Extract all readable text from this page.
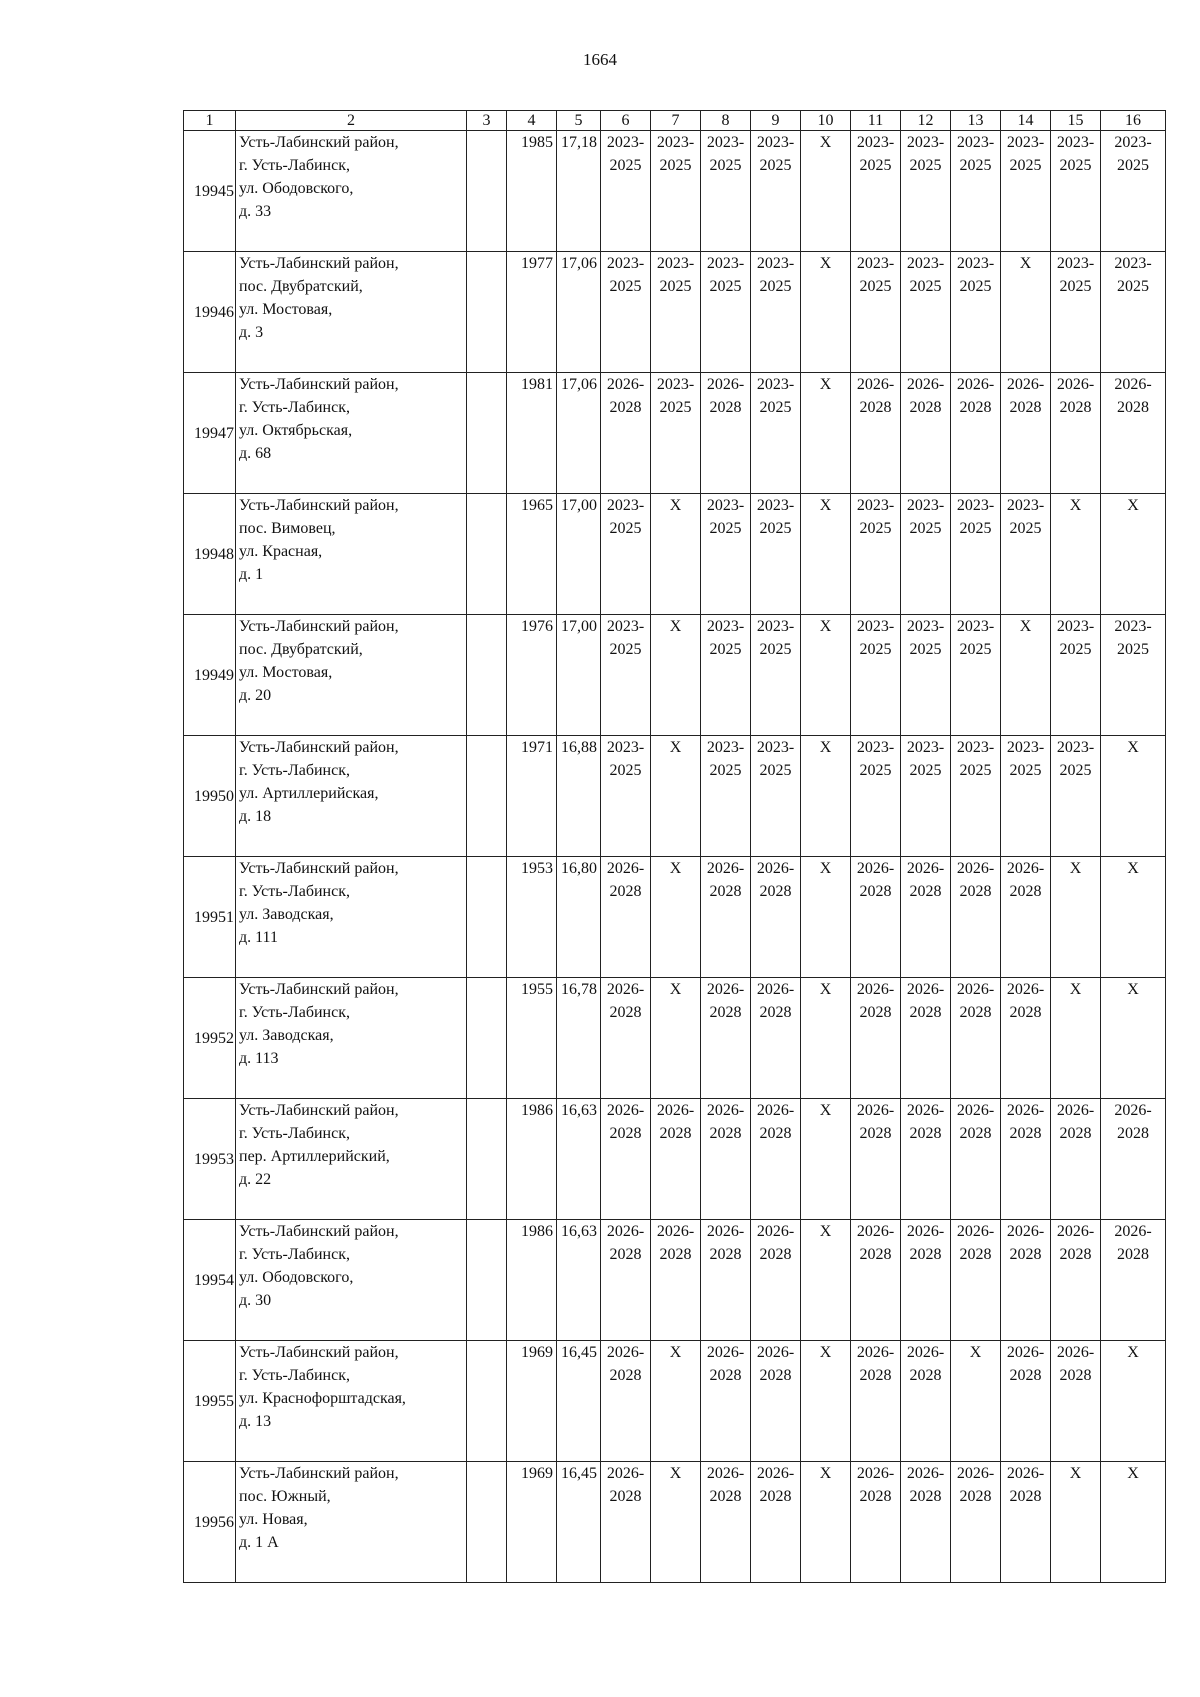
1664
1	2	3	4	5	6	7	8	9	10	11	12	13	14	15	16
19945	Усть-Лабинский район,
г. Усть-Лабинск,
ул. Ободовского,
д. 33		1985	17,18	2023-
2025	2023-
2025	2023-
2025	2023-
2025	X	2023-
2025	2023-
2025	2023-
2025	2023-
2025	2023-
2025	2023-
2025

19946	Усть-Лабинский район,
пос. Двубратский,
ул. Мостовая,
д. 3		1977	17,06	2023-
2025	2023-
2025	2023-
2025	2023-
2025	X	2023-
2025	2023-
2025	2023-
2025	X	2023-
2025	2023-
2025

19947	Усть-Лабинский район,
г. Усть-Лабинск,
ул. Октябрьская,
д. 68		1981	17,06	2026-
2028	2023-
2025	2026-
2028	2023-
2025	X	2026-
2028	2026-
2028	2026-
2028	2026-
2028	2026-
2028	2026-
2028

19948	Усть-Лабинский район,
пос. Вимовец,
ул. Красная,
д. 1		1965	17,00	2023-
2025	X	2023-
2025	2023-
2025	X	2023-
2025	2023-
2025	2023-
2025	2023-
2025	X	X
19949	Усть-Лабинский район,
пос. Двубратский,
ул. Мостовая,
д. 20		1976	17,00	2023-
2025	X	2023-
2025	2023-
2025	X	2023-
2025	2023-
2025	2023-
2025	X	2023-
2025	2023-
2025

19950	Усть-Лабинский район,
г. Усть-Лабинск,
ул. Артиллерийская,
д. 18		1971	16,88	2023-
2025	X	2023-
2025	2023-
2025	X	2023-
2025	2023-
2025	2023-
2025	2023-
2025	2023-
2025	X
19951	Усть-Лабинский район,
г. Усть-Лабинск,
ул. Заводская,
д. 111		1953	16,80	2026-
2028	X	2026-
2028	2026-
2028	X	2026-
2028	2026-
2028	2026-
2028	2026-
2028	X	X
19952	Усть-Лабинский район,
г. Усть-Лабинск,
ул. Заводская,
д. 113		1955	16,78	2026-
2028	X	2026-
2028	2026-
2028	X	2026-
2028	2026-
2028	2026-
2028	2026-
2028	X	X
19953	Усть-Лабинский район,
г. Усть-Лабинск,
пер. Артиллерийский,
д. 22		1986	16,63	2026-
2028	2026-
2028	2026-
2028	2026-
2028	X	2026-
2028	2026-
2028	2026-
2028	2026-
2028	2026-
2028	2026-
2028

19954	Усть-Лабинский район,
г. Усть-Лабинск,
ул. Ободовского,
д. 30		1986	16,63	2026-
2028	2026-
2028	2026-
2028	2026-
2028	X	2026-
2028	2026-
2028	2026-
2028	2026-
2028	2026-
2028	2026-
2028

19955	Усть-Лабинский район,
г. Усть-Лабинск,
ул. Краснофорштадская,
д. 13		1969	16,45	2026-
2028	X	2026-
2028	2026-
2028	X	2026-
2028	2026-
2028	X	2026-
2028	2026-
2028	X
19956	Усть-Лабинский район,
пос. Южный,
ул. Новая,
д. 1 А		1969	16,45	2026-
2028	X	2026-
2028	2026-
2028	X	2026-
2028	2026-
2028	2026-
2028	2026-
2028	X	X
